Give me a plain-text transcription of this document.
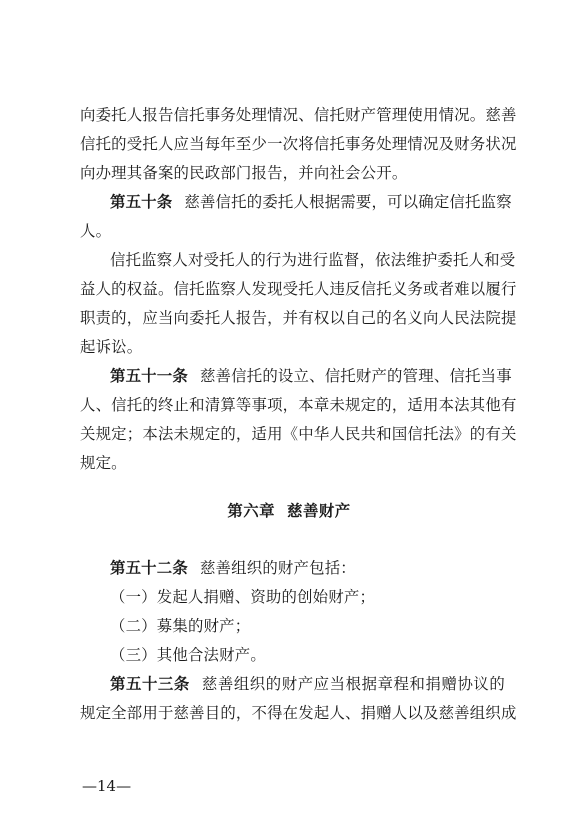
向委托人报告信托事务处理情况、信托财产管理使用情况。慈善
信托的受托人应当每年至少一次将信托事务处理情况及财务状况
向办理其备案的民政部门报告，并向社会公开。
第五十条 慈善信托的委托人根据需要，可以确定信托监察
人。
信托监察人对受托人的行为进行监督，依法维护委托人和受
益人的权益。信托监察人发现受托人违反信托义务或者难以履行
职责的，应当向委托人报告，并有权以自己的名义向人民法院提
起诉讼。
第五十一条 慈善信托的设立、信托财产的管理、信托当事
人、信托的终止和清算等事项，本章未规定的，适用本法其他有
关规定；本法未规定的，适用《中华人民共和国信托法》的有关
规定。
第六章 慈善财产
第五十二条 慈善组织的财产包括：
（一）发起人捐赠、资助的创始财产；
（二）募集的财产；
（三）其他合法财产。
第五十三条 慈善组织的财产应当根据章程和捐赠协议的
规定全部用于慈善目的，不得在发起人、捐赠人以及慈善组织成
—14—
